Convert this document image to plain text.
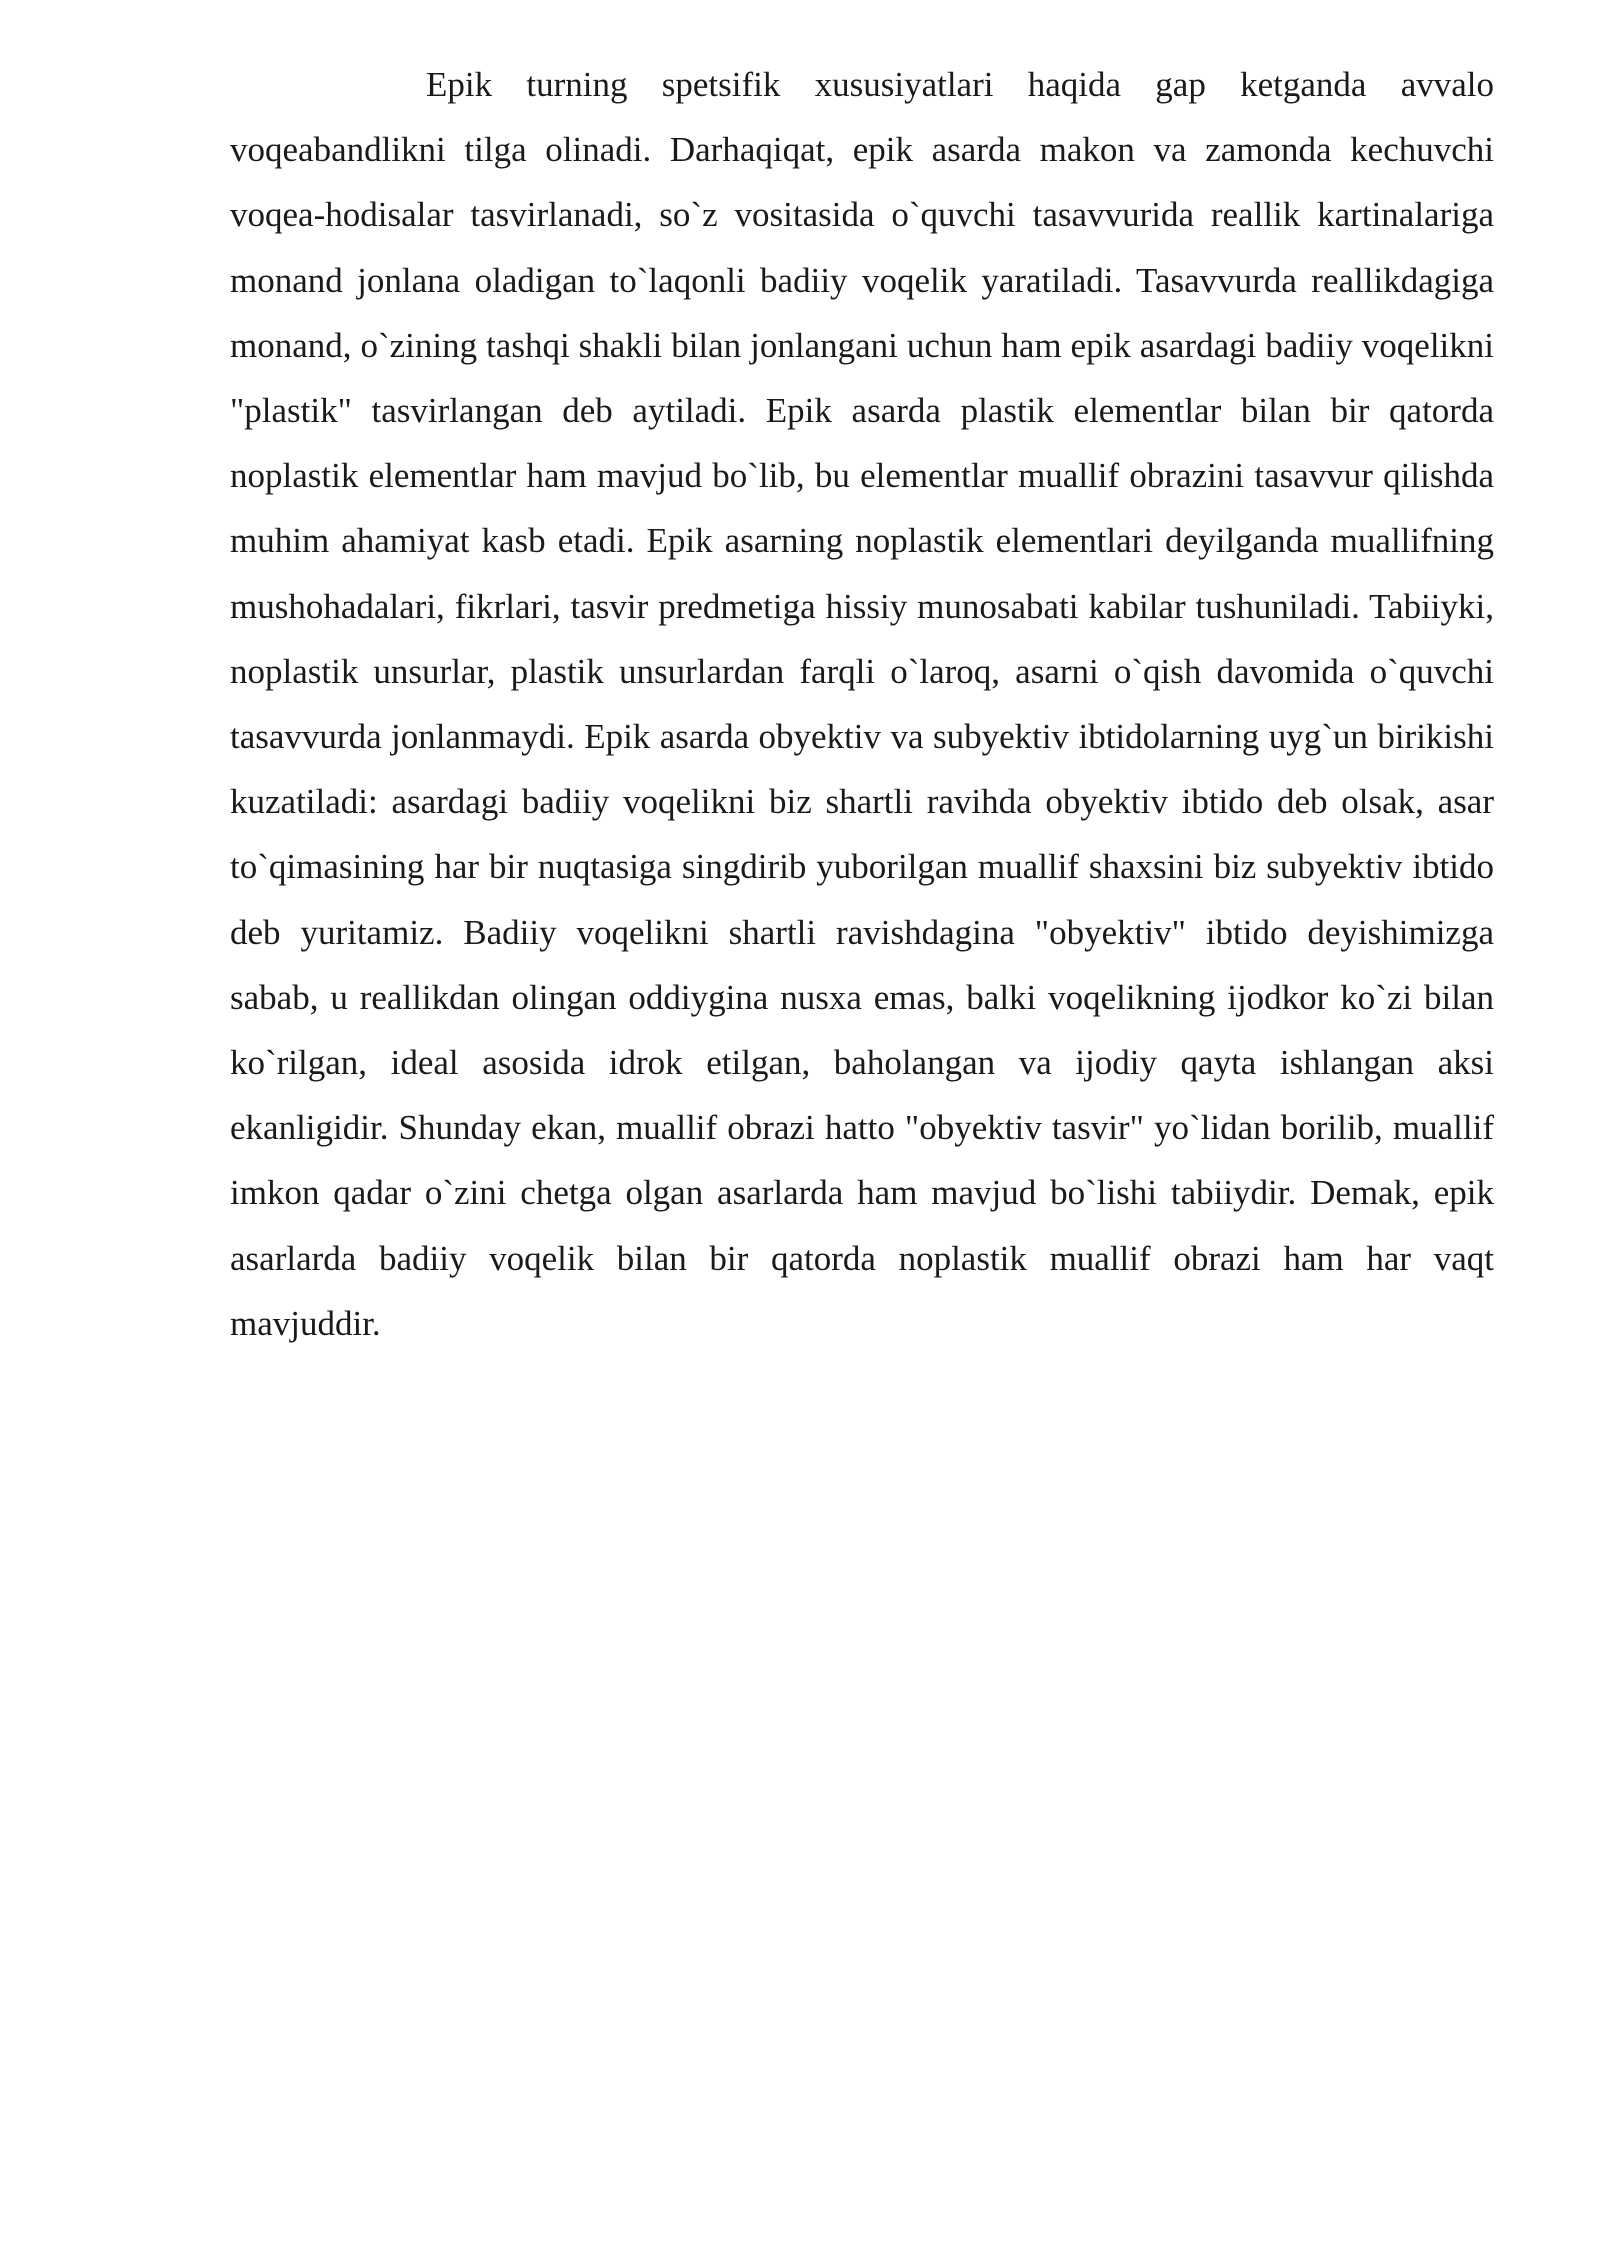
Epik turning spetsifik xususiyatlari haqida gap ketganda avvalo voqeabandlikni tilga olinadi. Darhaqiqat, epik asarda makon va zamonda kechuvchi voqea-hodisalar tasvirlanadi, so`z vositasida o`quvchi tasavvurida reallik kartinalariga monand jonlana oladigan to`laqonli badiiy voqelik yaratiladi. Tasavvurda reallikdagiga monand, o`zining tashqi shakli bilan jonlangani uchun ham epik asardagi badiiy voqelikni "plastik" tasvirlangan deb aytiladi. Epik asarda plastik elementlar bilan bir qatorda noplastik elementlar ham mavjud bo`lib, bu elementlar muallif obrazini tasavvur qilishda muhim ahamiyat kasb etadi. Epik asarning noplastik elementlari deyilganda muallifning mushohadalari, fikrlari, tasvir predmetiga hissiy munosabati kabilar tushuniladi. Tabiiyki, noplastik unsurlar, plastik unsurlardan farqli o`laroq, asarni o`qish davomida o`quvchi tasavvurda jonlanmaydi. Epik asarda obyektiv va subyektiv ibtidolarning uyg`un birikishi kuzatiladi: asardagi badiiy voqelikni biz shartli ravihda obyektiv ibtido deb olsak, asar to`qimasining har bir nuqtasiga singdirib yuborilgan muallif shaxsini biz subyektiv ibtido deb yuritamiz. Badiiy voqelikni shartli ravishdagina "obyektiv" ibtido deyishimizga sabab, u reallikdan olingan oddiygina nusxa emas, balki voqelikning ijodkor ko`zi bilan ko`rilgan, ideal asosida idrok etilgan, baholangan va ijodiy qayta ishlangan aksi ekanligidir. Shunday ekan, muallif obrazi hatto "obyektiv tasvir" yo`lidan borilib, muallif imkon qadar o`zini chetga olgan asarlarda ham mavjud bo`lishi tabiiydir. Demak, epik asarlarda badiiy voqelik bilan bir qatorda noplastik muallif obrazi ham har vaqt mavjuddir.
